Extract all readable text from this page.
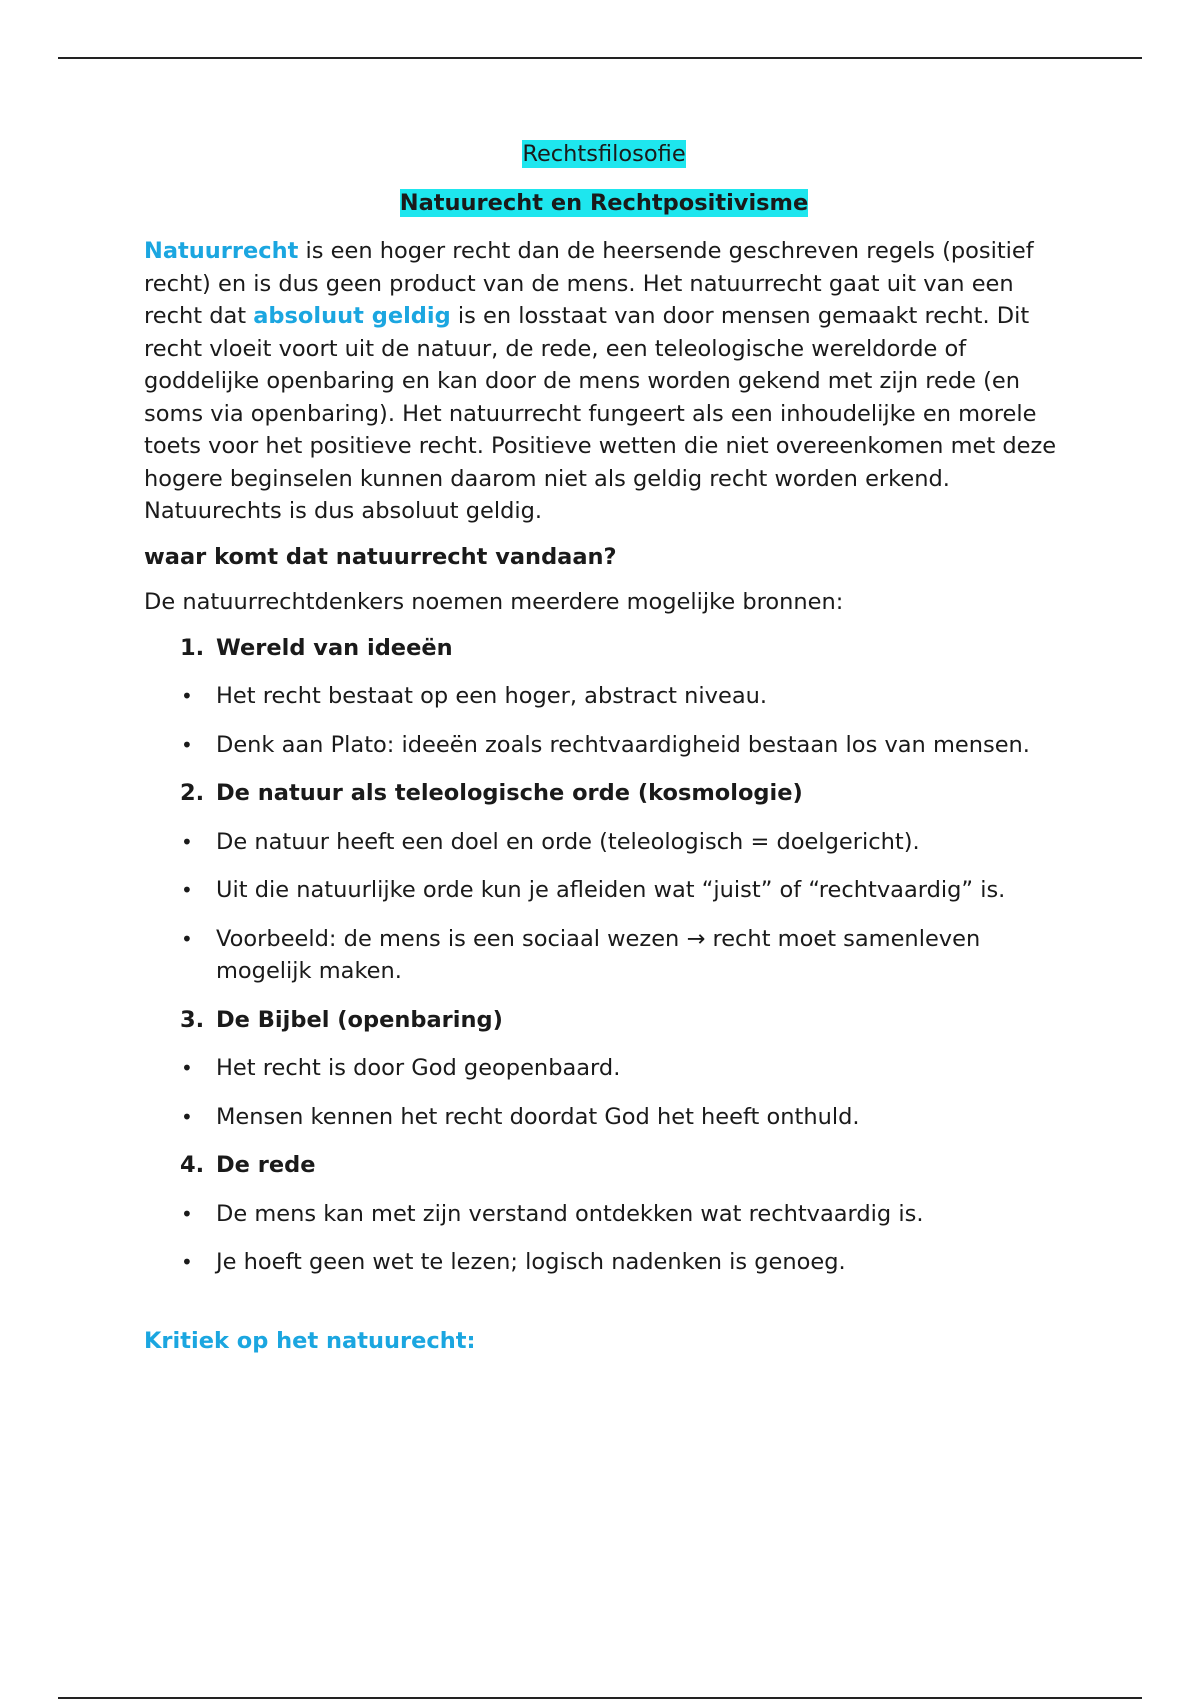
Rechtsfilosofie
Natuurecht en Rechtpositivisme

Natuurrecht is een hoger recht dan de heersende geschreven regels (positief recht) en is dus geen product van de mens. Het natuurrecht gaat uit van een recht dat absoluut geldig is en losstaat van door mensen gemaakt recht. Dit recht vloeit voort uit de natuur, de rede, een teleologische wereldorde of goddelijke openbaring en kan door de mens worden gekend met zijn rede (en soms via openbaring). Het natuurrecht fungeert als een inhoudelijke en morele toets voor het positieve recht. Positieve wetten die niet overeenkomen met deze hogere beginselen kunnen daarom niet als geldig recht worden erkend. Natuurechts is dus absoluut geldig.

waar komt dat natuurrecht vandaan?

De natuurrechtdenkers noemen meerdere mogelijke bronnen:

1. Wereld van ideeën
• Het recht bestaat op een hoger, abstract niveau.
• Denk aan Plato: ideeën zoals rechtvaardigheid bestaan los van mensen.
2. De natuur als teleologische orde (kosmologie)
• De natuur heeft een doel en orde (teleologisch = doelgericht).
• Uit die natuurlijke orde kun je afleiden wat “juist” of “rechtvaardig” is.
• Voorbeeld: de mens is een sociaal wezen → recht moet samenleven mogelijk maken.
3. De Bijbel (openbaring)
• Het recht is door God geopenbaard.
• Mensen kennen het recht doordat God het heeft onthuld.
4. De rede
• De mens kan met zijn verstand ontdekken wat rechtvaardig is.
• Je hoeft geen wet te lezen; logisch nadenken is genoeg.

Kritiek op het natuurecht:
